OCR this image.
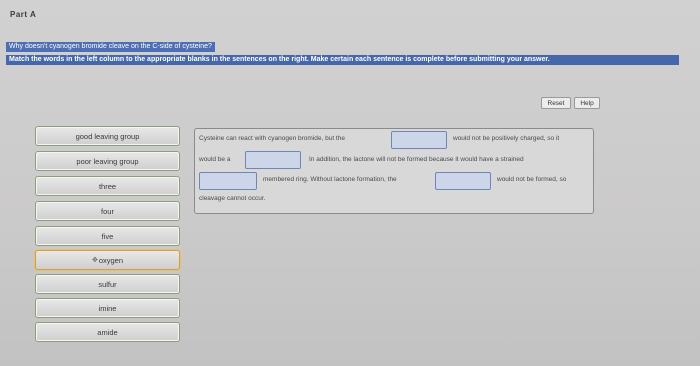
Part A
Why doesn't cyanogen bromide cleave on the C-side of cysteine?
Match the words in the left column to the appropriate blanks in the sentences on the right. Make certain each sentence is complete before submitting your answer.
Reset	Help
good leaving group
poor leaving group
three
four
five
✥ oxygen
sulfur
imine
amide
Cysteine can react with cyanogen bromide, but the	would not be positively charged, so it
would be a	In addition, the lactone will not be formed because it would have a strained
membered ring. Without lactone formation, the	would not be formed, so
cleavage cannot occur.
